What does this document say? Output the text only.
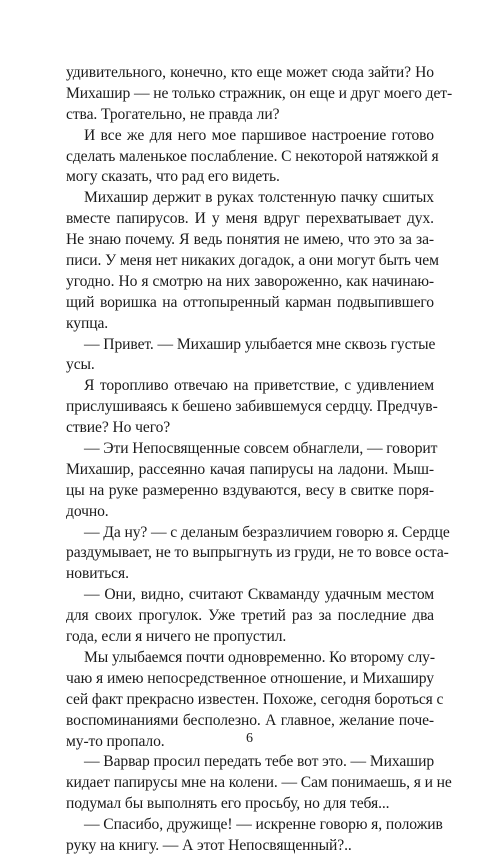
удивительного, конечно, кто еще может сюда зайти? Но
Михашир — не только стражник, он еще и друг моего дет-
ства. Трогательно, не правда ли?
И все же для него мое паршивое настроение готово
сделать маленькое послабление. С некоторой натяжкой я
могу сказать, что рад его видеть.
Михашир держит в руках толстенную пачку сшитых
вместе папирусов. И у меня вдруг перехватывает дух.
Не знаю почему. Я ведь понятия не имею, что это за за-
писи. У меня нет никаких догадок, а они могут быть чем
угодно. Но я смотрю на них завороженно, как начинаю-
щий воришка на оттопыренный карман подвыпившего
купца.
— Привет. — Михашир улыбается мне сквозь густые
усы.
Я торопливо отвечаю на приветствие, с удивлением
прислушиваясь к бешено забившемуся сердцу. Предчув-
ствие? Но чего?
— Эти Непосвященные совсем обнаглели, — говорит
Михашир, рассеянно качая папирусы на ладони. Мыш-
цы на руке размеренно вздуваются, весу в свитке поря-
дочно.
— Да ну? — с деланым безразличием говорю я. Сердце
раздумывает, не то выпрыгнуть из груди, не то вовсе оста-
новиться.
— Они, видно, считают Скваманду удачным местом
для своих прогулок. Уже третий раз за последние два
года, если я ничего не пропустил.
Мы улыбаемся почти одновременно. Ко второму слу-
чаю я имею непосредственное отношение, и Михаширу
сей факт прекрасно известен. Похоже, сегодня бороться с
воспоминаниями бесполезно. А главное, желание поче-
му-то пропало.
— Варвар просил передать тебе вот это. — Михашир
кидает папирусы мне на колени. — Сам понимаешь, я и не
подумал бы выполнять его просьбу, но для тебя...
— Спасибо, дружище! — искренне говорю я, положив
руку на книгу. — А этот Непосвященный?..
6
